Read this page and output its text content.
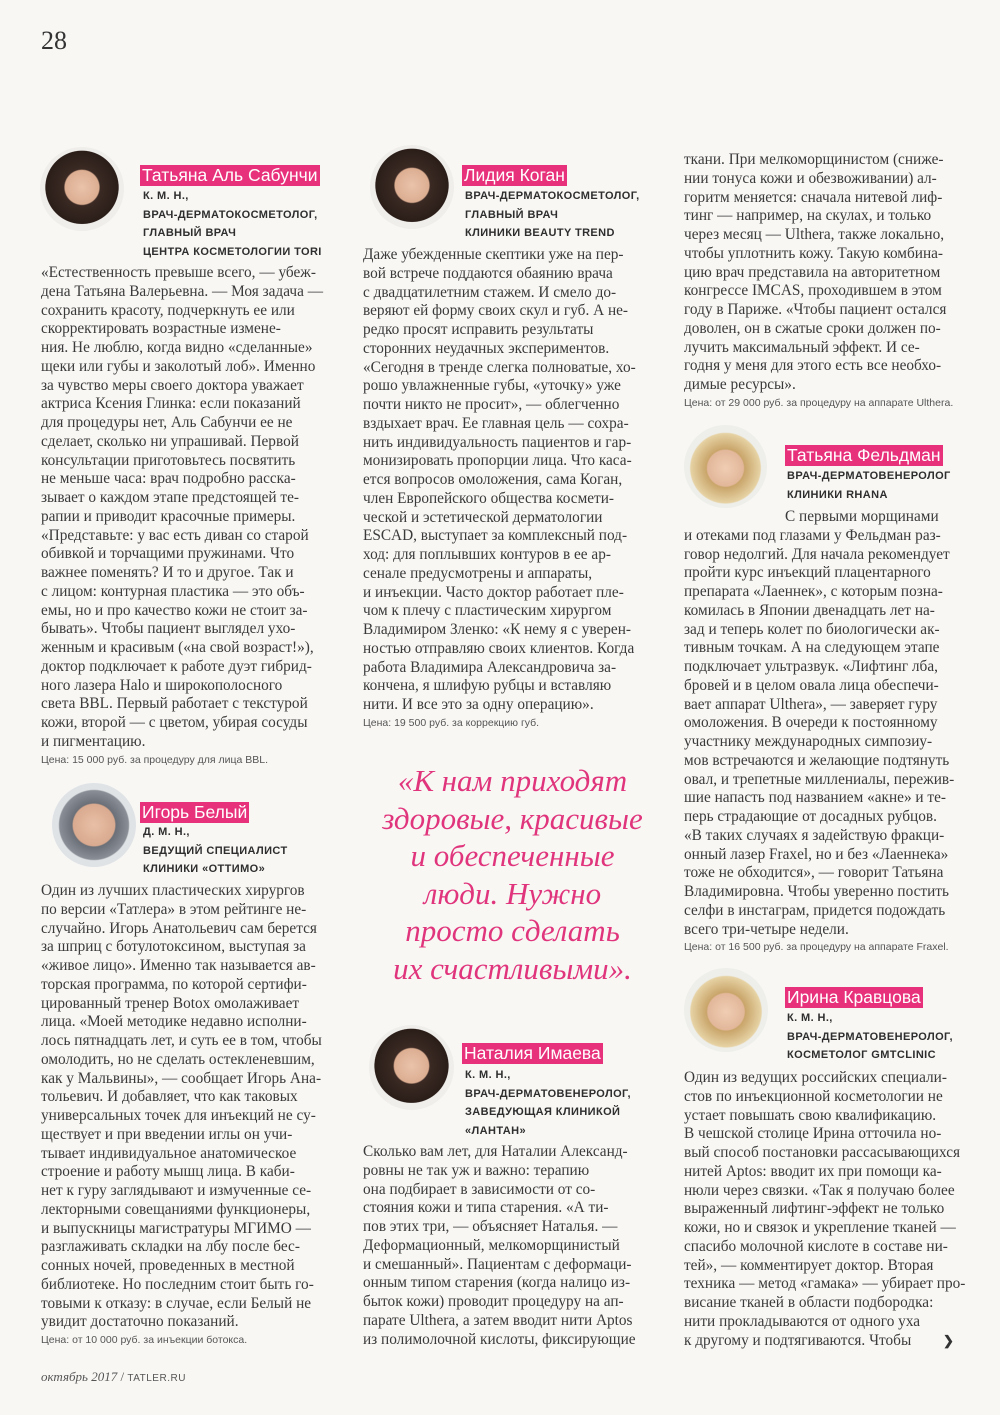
28
Татьяна Аль Сабунчи
К. М. Н.,
ВРАЧ-ДЕРМАТОКОСМЕТОЛОГ,
ГЛАВНЫЙ ВРАЧ
ЦЕНТРА КОСМЕТОЛОГИИ TORI
«Естественность превыше всего, — убеж-
дена Татьяна Валерьевна. — Моя задача —
сохранить красоту, подчеркнуть ее или
скорректировать возрастные измене-
ния. Не люблю, когда видно «сделанные»
щеки или губы и заколотый лоб». Именно
за чувство меры своего доктора уважает
актриса Ксения Глинка: если показаний
для процедуры нет, Аль Сабунчи ее не
сделает, сколько ни упрашивай. Первой
консультации приготовьтесь посвятить
не меньше часа: врач подробно расска-
зывает о каждом этапе предстоящей те-
рапии и приводит красочные примеры.
«Представьте: у вас есть диван со старой
обивкой и торчащими пружинами. Что
важнее поменять? И то и другое. Так и
с лицом: контурная пластика — это объ-
емы, но и про качество кожи не стоит за-
бывать». Чтобы пациент выглядел ухо-
женным и красивым («на свой возраст!»),
доктор подключает к работе дуэт гибрид-
ного лазера Halo и широкополосного
света BBL. Первый работает с текстурой
кожи, второй — с цветом, убирая сосуды
и пигментацию.
Цена: 15 000 руб. за процедуру для лица BBL.
Игорь Белый
Д. М. Н.,
ВЕДУЩИЙ СПЕЦИАЛИСТ
КЛИНИКИ «ОТТИМО»
Один из лучших пластических хирургов
по версии «Татлера» в этом рейтинге не-
случайно. Игорь Анатольевич сам берется
за шприц с ботулотоксином, выступая за
«живое лицо». Именно так называется ав-
торская программа, по которой сертифи-
цированный тренер Botox омолаживает
лица. «Моей методике недавно исполни-
лось пятнадцать лет, и суть ее в том, чтобы
омолодить, но не сделать остекленевшим,
как у Мальвины», — сообщает Игорь Ана-
тольевич. И добавляет, что как таковых
универсальных точек для инъекций не су-
ществует и при введении иглы он учи-
тывает индивидуальное анатомическое
строение и работу мышц лица. В каби-
нет к гуру заглядывают и измученные се-
лекторными совещаниями функционеры,
и выпускницы магистратуры МГИМО —
разглаживать складки на лбу после бес-
сонных ночей, проведенных в местной
библиотеке. Но последним стоит быть го-
товыми к отказу: в случае, если Белый не
увидит достаточно показаний.
Цена: от 10 000 руб. за инъекции ботокса.
Лидия Коган
ВРАЧ-ДЕРМАТОКОСМЕТОЛОГ,
ГЛАВНЫЙ ВРАЧ
КЛИНИКИ BEAUTY TREND
Даже убежденные скептики уже на пер-
вой встрече поддаются обаянию врача
с двадцатилетним стажем. И смело до-
веряют ей форму своих скул и губ. А не-
редко просят исправить результаты
сторонних неудачных экспериментов.
«Сегодня в тренде слегка полноватые, хо-
рошо увлажненные губы, «уточку» уже
почти никто не просит», — облегченно
вздыхает врач. Ее главная цель — сохра-
нить индивидуальность пациентов и гар-
монизировать пропорции лица. Что каса-
ется вопросов омоложения, сама Коган,
член Европейского общества космети-
ческой и эстетической дерматологии
ESCAD, выступает за комплексный под-
ход: для поплывших контуров в ее ар-
сенале предусмотрены и аппараты,
и инъекции. Часто доктор работает пле-
чом к плечу с пластическим хирургом
Владимиром Зленко: «К нему я с уверен-
ностью отправляю своих клиентов. Когда
работа Владимира Александровича за-
кончена, я шлифую рубцы и вставляю
нити. И все это за одну операцию».
Цена: 19 500 руб. за коррекцию губ.
Наталия Имаева
К. М. Н.,
ВРАЧ-ДЕРМАТОВЕНЕРОЛОГ,
ЗАВЕДУЮЩАЯ КЛИНИКОЙ
«ЛАНТАН»
Сколько вам лет, для Наталии Александ-
ровны не так уж и важно: терапию
она подбирает в зависимости от со-
стояния кожи и типа старения. «А ти-
пов этих три, — объясняет Наталья. —
Деформационный, мелкоморщинистый
и смешанный». Пациентам с деформаци-
онным типом старения (когда налицо из-
быток кожи) проводит процедуру на ап-
парате Ulthera, а затем вводит нити Aptos
из полимолочной кислоты, фиксирующие
ткани. При мелкоморщинистом (сниже-
нии тонуса кожи и обезвоживании) ал-
горитм меняется: сначала нитевой лиф-
тинг — например, на скулах, и только
через месяц — Ulthera, также локально,
чтобы уплотнить кожу. Такую комбина-
цию врач представила на авторитетном
конгрессе IMCAS, проходившем в этом
году в Париже. «Чтобы пациент остался
доволен, он в сжатые сроки должен по-
лучить максимальный эффект. И се-
годня у меня для этого есть все необхо-
димые ресурсы».
Цена: от 29 000 руб. за процедуру на аппарате Ulthera.
Татьяна Фельдман
ВРАЧ-ДЕРМАТОВЕНЕРОЛОГ
КЛИНИКИ RHANA
С первыми морщинами
и отеками под глазами у Фельдман раз-
говор недолгий. Для начала рекомендует
пройти курс инъекций плацентарного
препарата «Лаеннек», с которым позна-
комилась в Японии двенадцать лет на-
зад и теперь колет по биологически ак-
тивным точкам. А на следующем этапе
подключает ультразвук. «Лифтинг лба,
бровей и в целом овала лица обеспечи-
вает аппарат Ulthera», — заверяет гуру
омоложения. В очереди к постоянному
участнику международных симпозиу-
мов встречаются и желающие подтянуть
овал, и трепетные миллениалы, пережив-
шие напасть под названием «акне» и те-
перь страдающие от досадных рубцов.
«В таких случаях я задействую фракци-
онный лазер Fraxel, но и без «Лаеннека»
тоже не обходится», — говорит Татьяна
Владимировна. Чтобы уверенно постить
селфи в инстаграм, придется подождать
всего три-четыре недели.
Цена: от 16 500 руб. за процедуру на аппарате Fraxel.
Ирина Кравцова
К. М. Н.,
ВРАЧ-ДЕРМАТОВЕНЕРОЛОГ,
КОСМЕТОЛОГ GMTCLINIC
Один из ведущих российских специали-
стов по инъекционной косметологии не
устает повышать свою квалификацию.
В чешской столице Ирина отточила но-
вый способ постановки рассасывающихся
нитей Aptos: вводит их при помощи ка-
нюли через связки. «Так я получаю более
выраженный лифтинг-эффект не только
кожи, но и связок и укрепление тканей —
спасибо молочной кислоте в составе ни-
тей», — комментирует доктор. Вторая
техника — метод «гамака» — убирает про-
висание тканей в области подбородка:
нити прокладываются от одного уха
к другому и подтягиваются. Чтобы ❯
«К нам приходят
здоровые, красивые
и обеспеченные
люди. Нужно
просто сделать
их счастливыми».
октябрь 2017 / TATLER.RU
